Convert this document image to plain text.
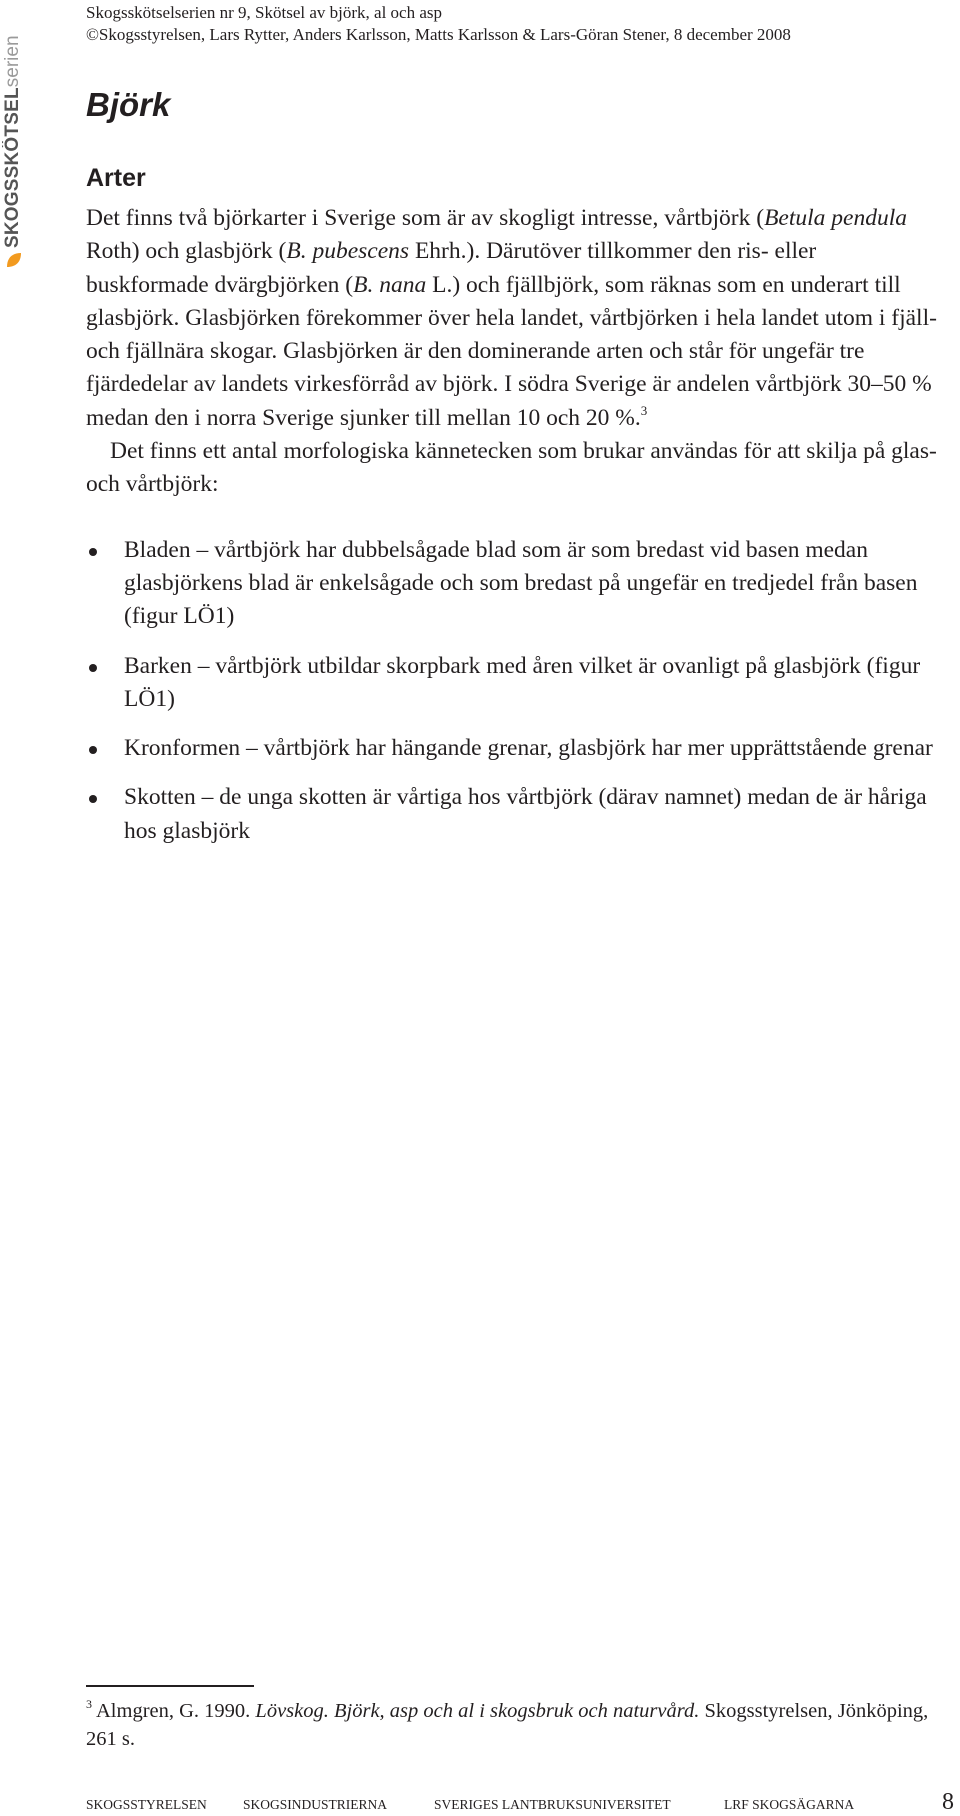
Skogsskötselserien nr 9, Skötsel av björk, al och asp
©Skogsstyrelsen, Lars Rytter, Anders Karlsson, Matts Karlsson & Lars-Göran Stener, 8 december 2008
SKOGSSKÖTSELserien
Björk
Arter

Det finns två björkarter i Sverige som är av skogligt intresse, vårtbjörk (Betula pendula Roth) och glasbjörk (B. pubescens Ehrh.). Därutöver tillkommer den ris- eller buskformade dvärgbjörken (B. nana L.) och fjällbjörk, som räknas som en underart till glasbjörk. Glasbjörken förekommer över hela landet, vårtbjörken i hela landet utom i fjäll- och fjällnära skogar. Glasbjörken är den dominerande arten och står för ungefär tre fjärdedelar av landets virkesförråd av björk. I södra Sverige är andelen vårtbjörk 30–50 % medan den i norra Sverige sjunker till mellan 10 och 20 %.$^3$

Det finns ett antal morfologiska kännetecken som brukar användas för att skilja på glas- och vårtbjörk:

Bladen – vårtbjörk har dubbelsågade blad som är som bredast vid basen medan glasbjörkens blad är enkelsågade och som bredast på ungefär en tredjedel från basen (figur LÖ1)
Barken – vårtbjörk utbildar skorpbark med åren vilket är ovanligt på glasbjörk (figur LÖ1)
Kronformen – vårtbjörk har hängande grenar, glasbjörk har mer upprättstående grenar
Skotten – de unga skotten är vårtiga hos vårtbjörk (därav namnet) medan de är håriga hos glasbjörk
$^3$ Almgren, G. 1990. Lövskog. Björk, asp och al i skogsbruk och naturvård. Skogsstyrelsen, Jönköping, 261 s.
SKOGSSTYRELSEN	SKOGSINDUSTRIERNA	SVERIGES LANTBRUKSUNIVERSITET	LRF SKOGSÄGARNA	8
